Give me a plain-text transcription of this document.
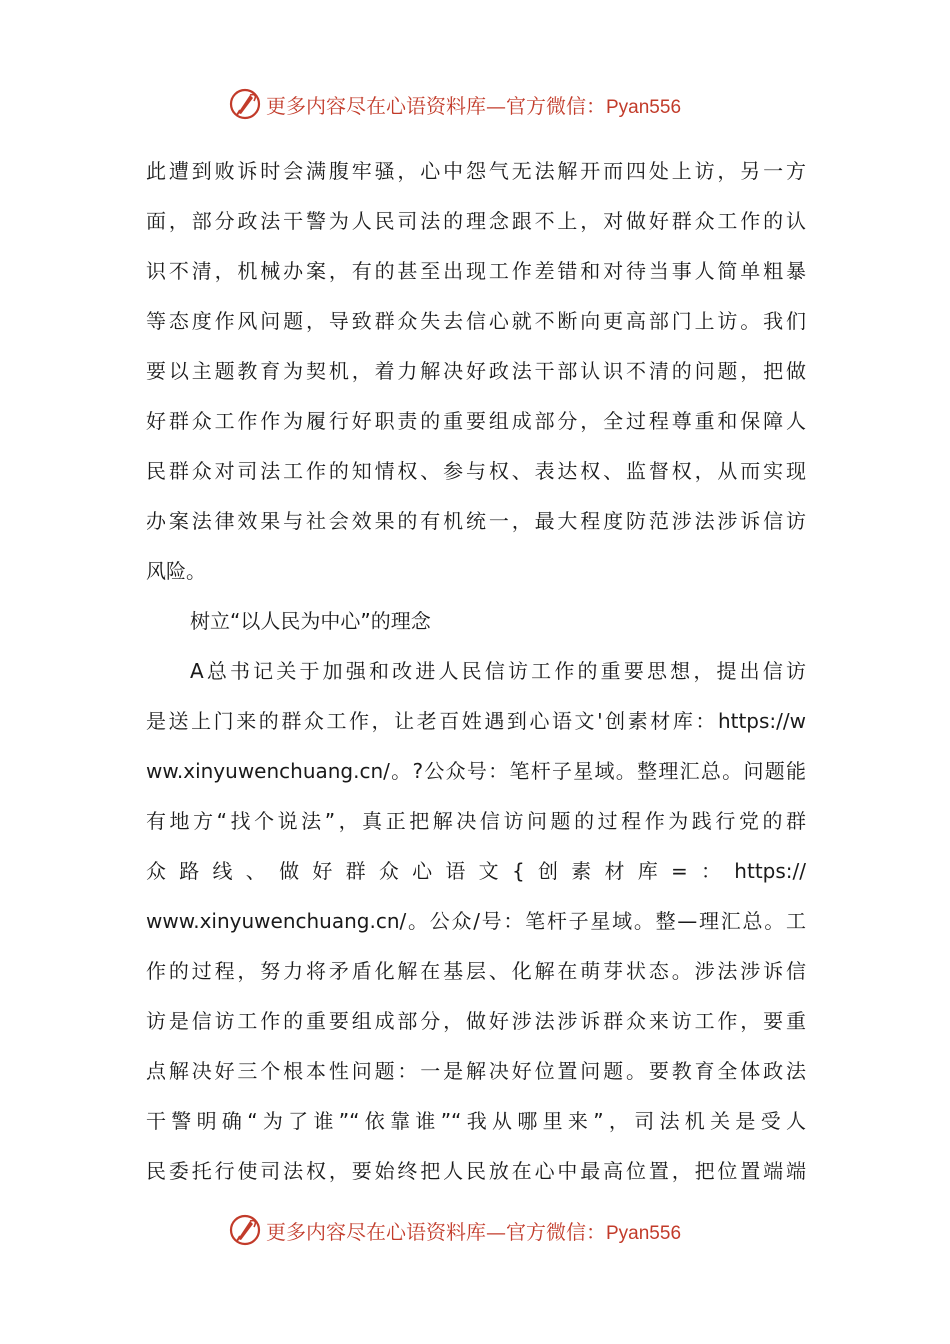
更多内容尽在心语资料库—官方微信：Pyan556
此遭到败诉时会满腹牢骚，心中怨气无法解开而四处上访，另一方
面，部分政法干警为人民司法的理念跟不上，对做好群众工作的认
识不清，机械办案，有的甚至出现工作差错和对待当事人简单粗暴
等态度作风问题，导致群众失去信心就不断向更高部门上访。我们
要以主题教育为契机，着力解决好政法干部认识不清的问题，把做
好群众工作作为履行好职责的重要组成部分，全过程尊重和保障人
民群众对司法工作的知情权、参与权、表达权、监督权，从而实现
办案法律效果与社会效果的有机统一，最大程度防范涉法涉诉信访
风险。
树立“以人民为中心”的理念
A总书记关于加强和改进人民信访工作的重要思想，提出信访
是送上门来的群众工作，让老百姓遇到心语文'创素材库：https://w
ww.xinyuwenchuang.cn/。?公众号：笔杆子星域。整理汇总。问题能
有地方“找个说法”，真正把解决信访问题的过程作为践行党的群
众路线、做好群众心语文{创素材库=：https://
www.xinyuwenchuang.cn/。公众/号：笔杆子星域。整—理汇总。工
作的过程，努力将矛盾化解在基层、化解在萌芽状态。涉法涉诉信
访是信访工作的重要组成部分，做好涉法涉诉群众来访工作，要重
点解决好三个根本性问题：一是解决好位置问题。要教育全体政法
干警明确“为了谁”“依靠谁”“我从哪里来”，司法机关是受人
民委托行使司法权，要始终把人民放在心中最高位置，把位置端端
更多内容尽在心语资料库—官方微信：Pyan556
